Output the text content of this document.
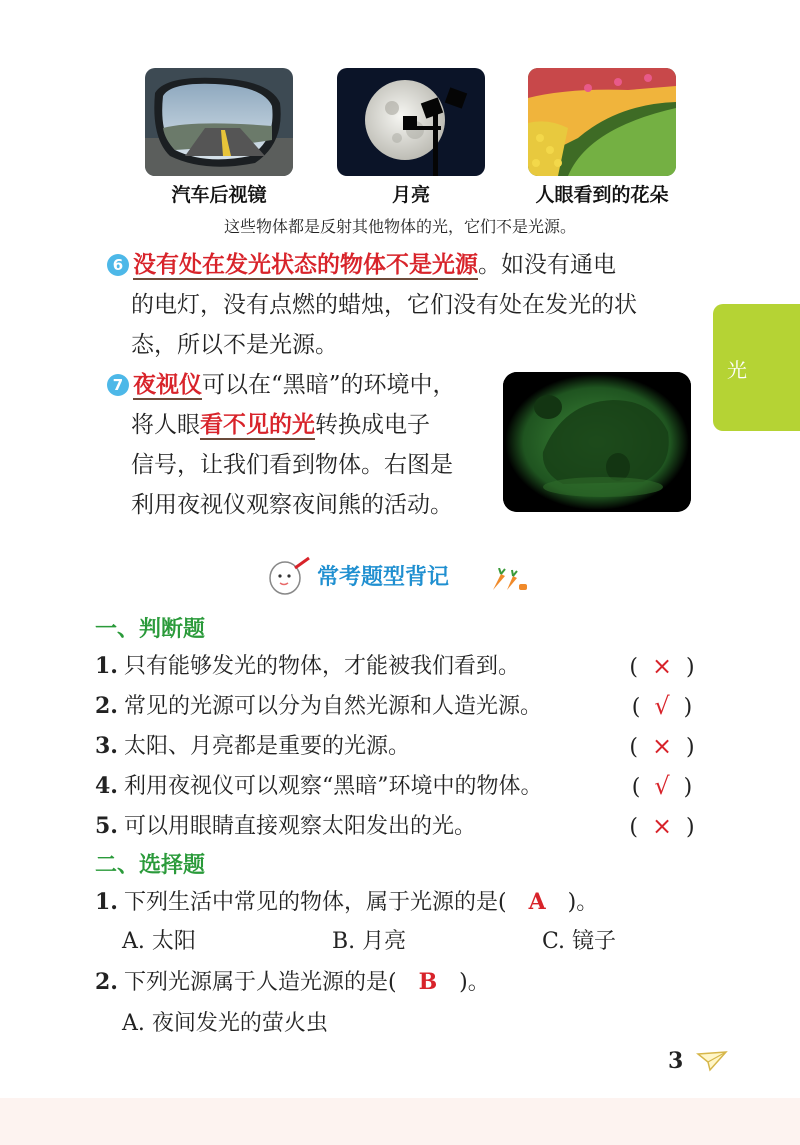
汽车后视镜	月亮	人眼看到的花朵
这些物体都是反射其他物体的光，它们不是光源。
6 没有处在发光状态的物体不是光源。如没有通电
的电灯，没有点燃的蜡烛，它们没有处在发光的状
态，所以不是光源。
7 夜视仪可以在“黑暗”的环境中，
将人眼看不见的光转换成电子
信号，让我们看到物体。右图是
利用夜视仪观察夜间熊的活动。
光
常考题型背记
一、判断题
1. 只有能够发光的物体，才能被我们看到。	( × )
2. 常见的光源可以分为自然光源和人造光源。	( √ )
3. 太阳、月亮都是重要的光源。	( × )
4. 利用夜视仪可以观察“黑暗”环境中的物体。	( √ )
5. 可以用眼睛直接观察太阳发出的光。	( × )
二、选择题
1. 下列生活中常见的物体，属于光源的是( A )。
A. 太阳	B. 月亮	C. 镜子
2. 下列光源属于人造光源的是( B )。
A. 夜间发光的萤火虫
3
